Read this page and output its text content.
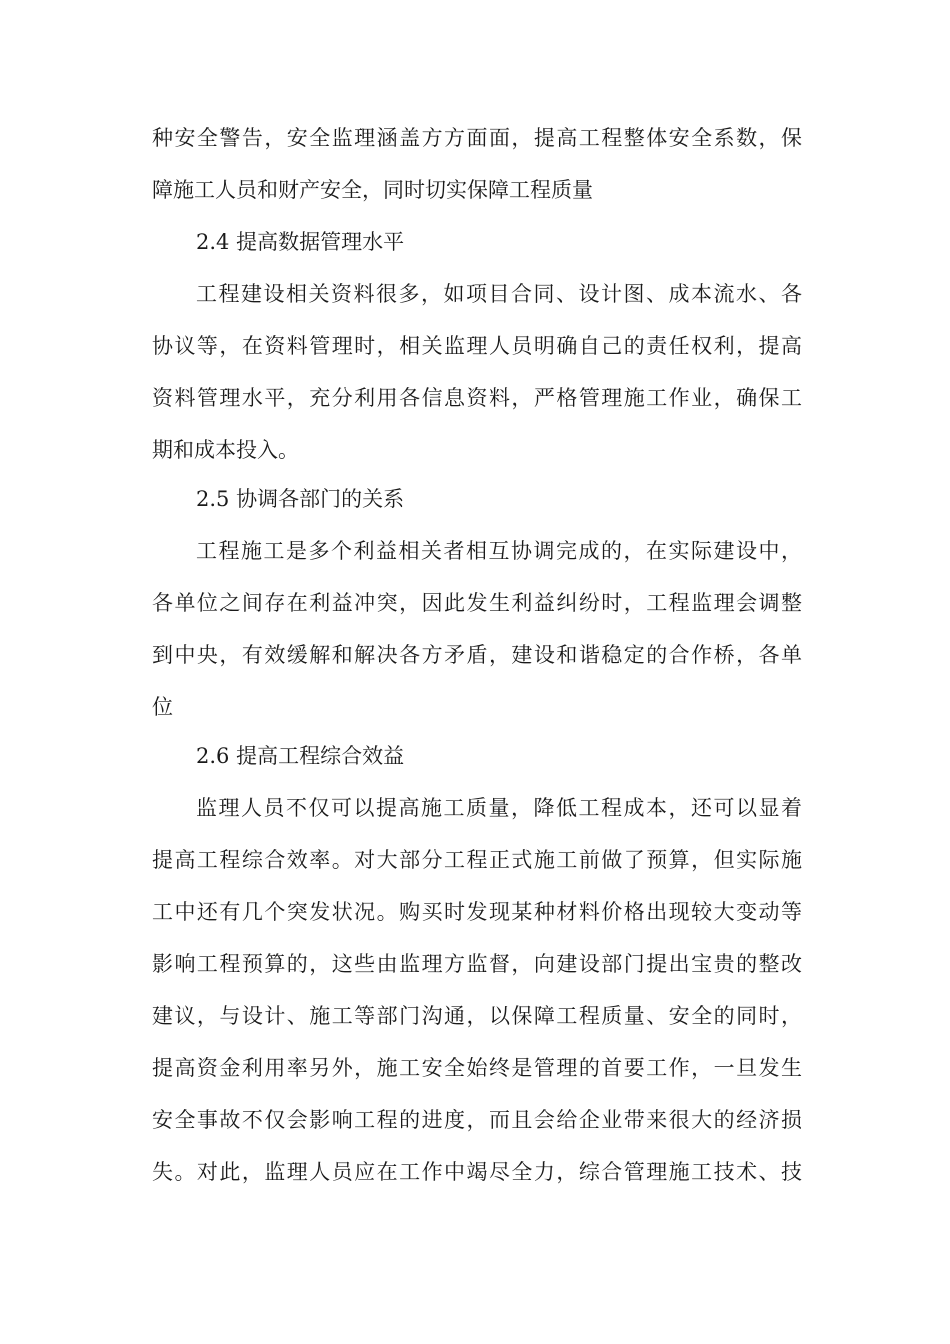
种安全警告，安全监理涵盖方方面面，提高工程整体安全系数，保
障施工人员和财产安全，同时切实保障工程质量
2.4 提高数据管理水平
工程建设相关资料很多，如项目合同、设计图、成本流水、各
协议等，在资料管理时，相关监理人员明确自己的责任权利，提高
资料管理水平，充分利用各信息资料，严格管理施工作业，确保工
期和成本投入。
2.5 协调各部门的关系
工程施工是多个利益相关者相互协调完成的，在实际建设中，
各单位之间存在利益冲突，因此发生利益纠纷时，工程监理会调整
到中央，有效缓解和解决各方矛盾，建设和谐稳定的合作桥，各单
位
2.6 提高工程综合效益
监理人员不仅可以提高施工质量，降低工程成本，还可以显着
提高工程综合效率。对大部分工程正式施工前做了预算，但实际施
工中还有几个突发状况。购买时发现某种材料价格出现较大变动等
影响工程预算的，这些由监理方监督，向建设部门提出宝贵的整改
建议，与设计、施工等部门沟通，以保障工程质量、安全的同时，
提高资金利用率另外，施工安全始终是管理的首要工作，一旦发生
安全事故不仅会影响工程的进度，而且会给企业带来很大的经济损
失。对此，监理人员应在工作中竭尽全力，综合管理施工技术、技
